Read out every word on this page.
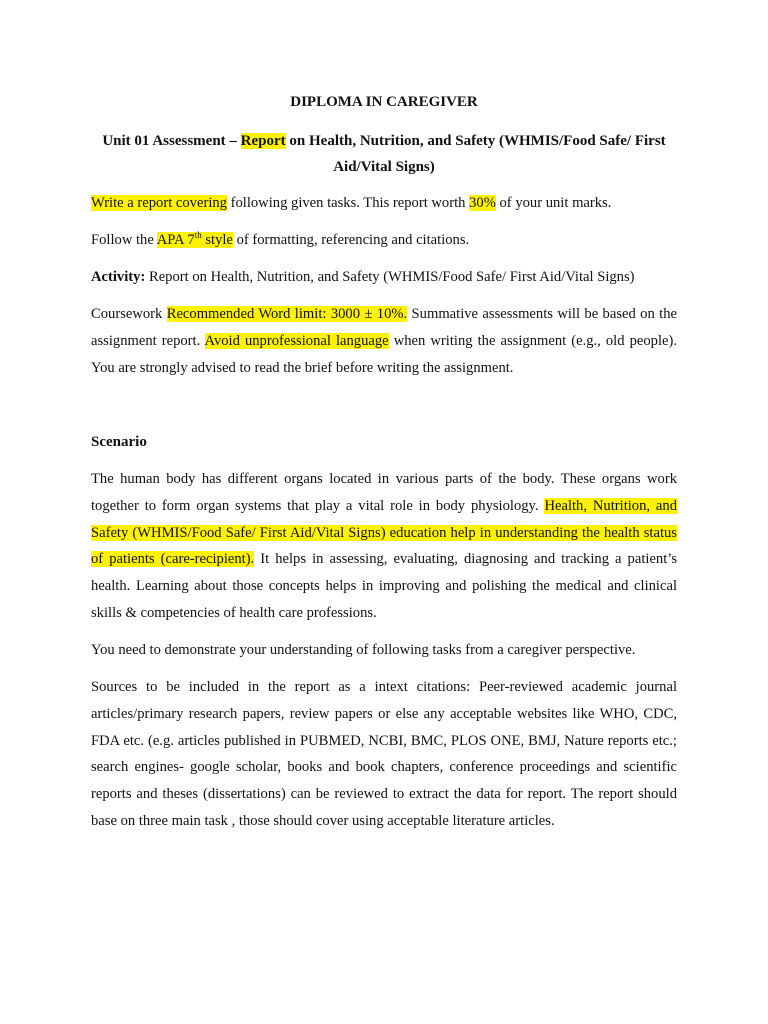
DIPLOMA IN CAREGIVER
Unit 01 Assessment – Report on Health, Nutrition, and Safety (WHMIS/Food Safe/ First Aid/Vital Signs)

Write a report covering following given tasks. This report worth 30% of your unit marks.

Follow the APA 7th style of formatting, referencing and citations.

Activity: Report on Health, Nutrition, and Safety (WHMIS/Food Safe/ First Aid/Vital Signs)

Coursework Recommended Word limit: 3000 ± 10%. Summative assessments will be based on the assignment report. Avoid unprofessional language when writing the assignment (e.g., old people). You are strongly advised to read the brief before writing the assignment.

Scenario

The human body has different organs located in various parts of the body. These organs work together to form organ systems that play a vital role in body physiology. Health, Nutrition, and Safety (WHMIS/Food Safe/ First Aid/Vital Signs) education help in understanding the health status of patients (care-recipient). It helps in assessing, evaluating, diagnosing and tracking a patient’s health. Learning about those concepts helps in improving and polishing the medical and clinical skills & competencies of health care professions.

You need to demonstrate your understanding of following tasks from a caregiver perspective.

Sources to be included in the report as a intext citations: Peer-reviewed academic journal articles/primary research papers, review papers or else any acceptable websites like WHO, CDC, FDA etc. (e.g. articles published in PUBMED, NCBI, BMC, PLOS ONE, BMJ, Nature reports etc.; search engines- google scholar, books and book chapters, conference proceedings and scientific reports and theses (dissertations) can be reviewed to extract the data for report. The report should base on three main task , those should cover using acceptable literature articles.
